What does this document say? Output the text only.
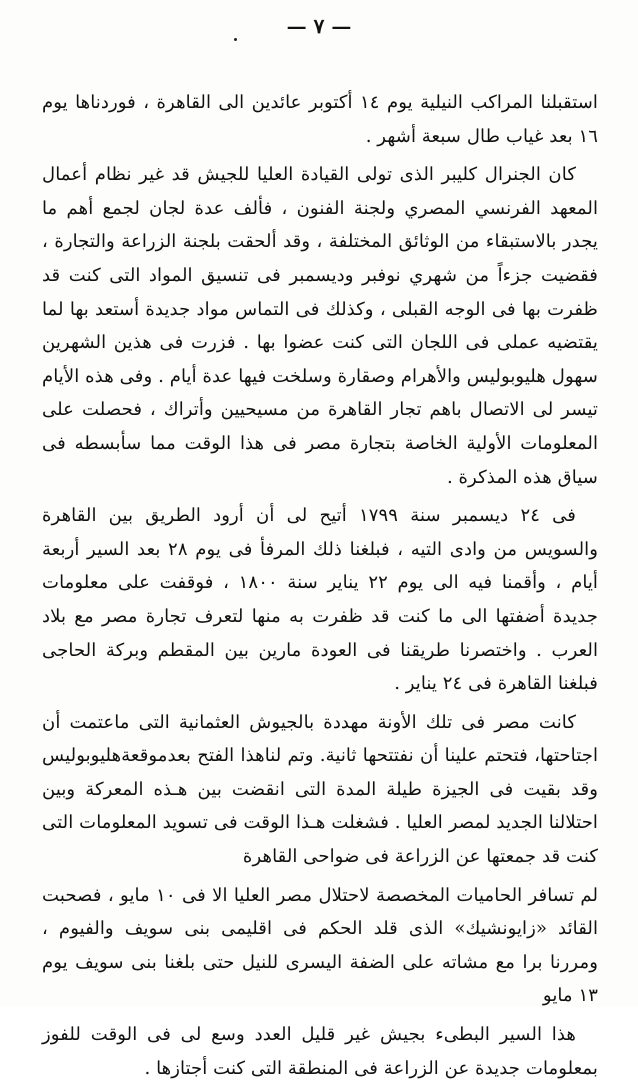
— ٧ —

استقبلنا المراكب النيلية يوم ١٤ أكتوبر عائدين الى القاهرة ، فوردناها يوم ١٦ بعد غياب طال سبعة أشهر .

كان الجنرال كليبر الذى تولى القيادة العليا للجيش قد غير نظام أعمال المعهد الفرنسي المصري ولجنة الفنون ، فألف عدة لجان لجمع أهم ما يجدر بالاستبقاء من الوثائق المختلفة ، وقد ألحقت بلجنة الزراعة والتجارة ، فقضيت جزءاً من شهري نوفبر وديسمبر فى تنسيق المواد التى كنت قد ظفرت بها فى الوجه القبلى ، وكذلك فى التماس مواد جديدة أستعد بها لما يقتضيه عملى فى اللجان التى كنت عضوا بها . فزرت فى هذين الشهرين سهول هليوبوليس والأهرام وصقارة وسلخت فيها عدة أيام . وفى هذه الأيام تيسر لى الاتصال باهم تجار القاهرة من مسيحيين وأتراك ، فحصلت على المعلومات الأولية الخاصة بتجارة مصر فى هذا الوقت مما سأبسطه فى سياق هذه المذكرة .

فى ٢٤ ديسمبر سنة ١٧٩٩ أتيح لى أن أرود الطريق بين القاهرة والسويس من وادى التيه ، فبلغنا ذلك المرفأ فى يوم ٢٨ بعد السير أربعة أيام ، وأقمنا فيه الى يوم ٢٢ يناير سنة ١٨٠٠ ، فوقفت على معلومات جديدة أضفتها الى ما كنت قد ظفرت به منها لتعرف تجارة مصر مع بلاد العرب . واختصرنا طريقنا فى العودة مارين بين المقطم وبركة الحاجى فبلغنا القاهرة فى ٢٤ يناير .

كانت مصر فى تلك الأونة مهددة بالجيوش العثمانية التى ماعتمت أن اجتاحتها، فتحتم علينا أن نفتتحها ثانية. وتم لناهذا الفتح بعدموقعةهليوبوليس وقد بقيت فى الجيزة طيلة المدة التى انقضت بين هـذه المعركة وبين احتلالنا الجديد لمصر العليا . فشغلت هـذا الوقت فى تسويد المعلومات التى كنت قد جمعتها عن الزراعة فى ضواحى القاهرة

لم تسافر الحاميات المخصصة لاحتلال مصر العليا الا فى ١٠ مايو ، فصحبت القائد «زايونشيك» الذى قلد الحكم فى اقليمى بنى سويف والفيوم ، ومررنا برا مع مشاته على الضفة اليسرى للنيل حتى بلغنا بنى سويف يوم ١٣ مايو

هذا السير البطىء بجيش غير قليل العدد وسع لى فى الوقت للفوز بمعلومات جديدة عن الزراعة فى المنطقة التى كنت أجتازها .
